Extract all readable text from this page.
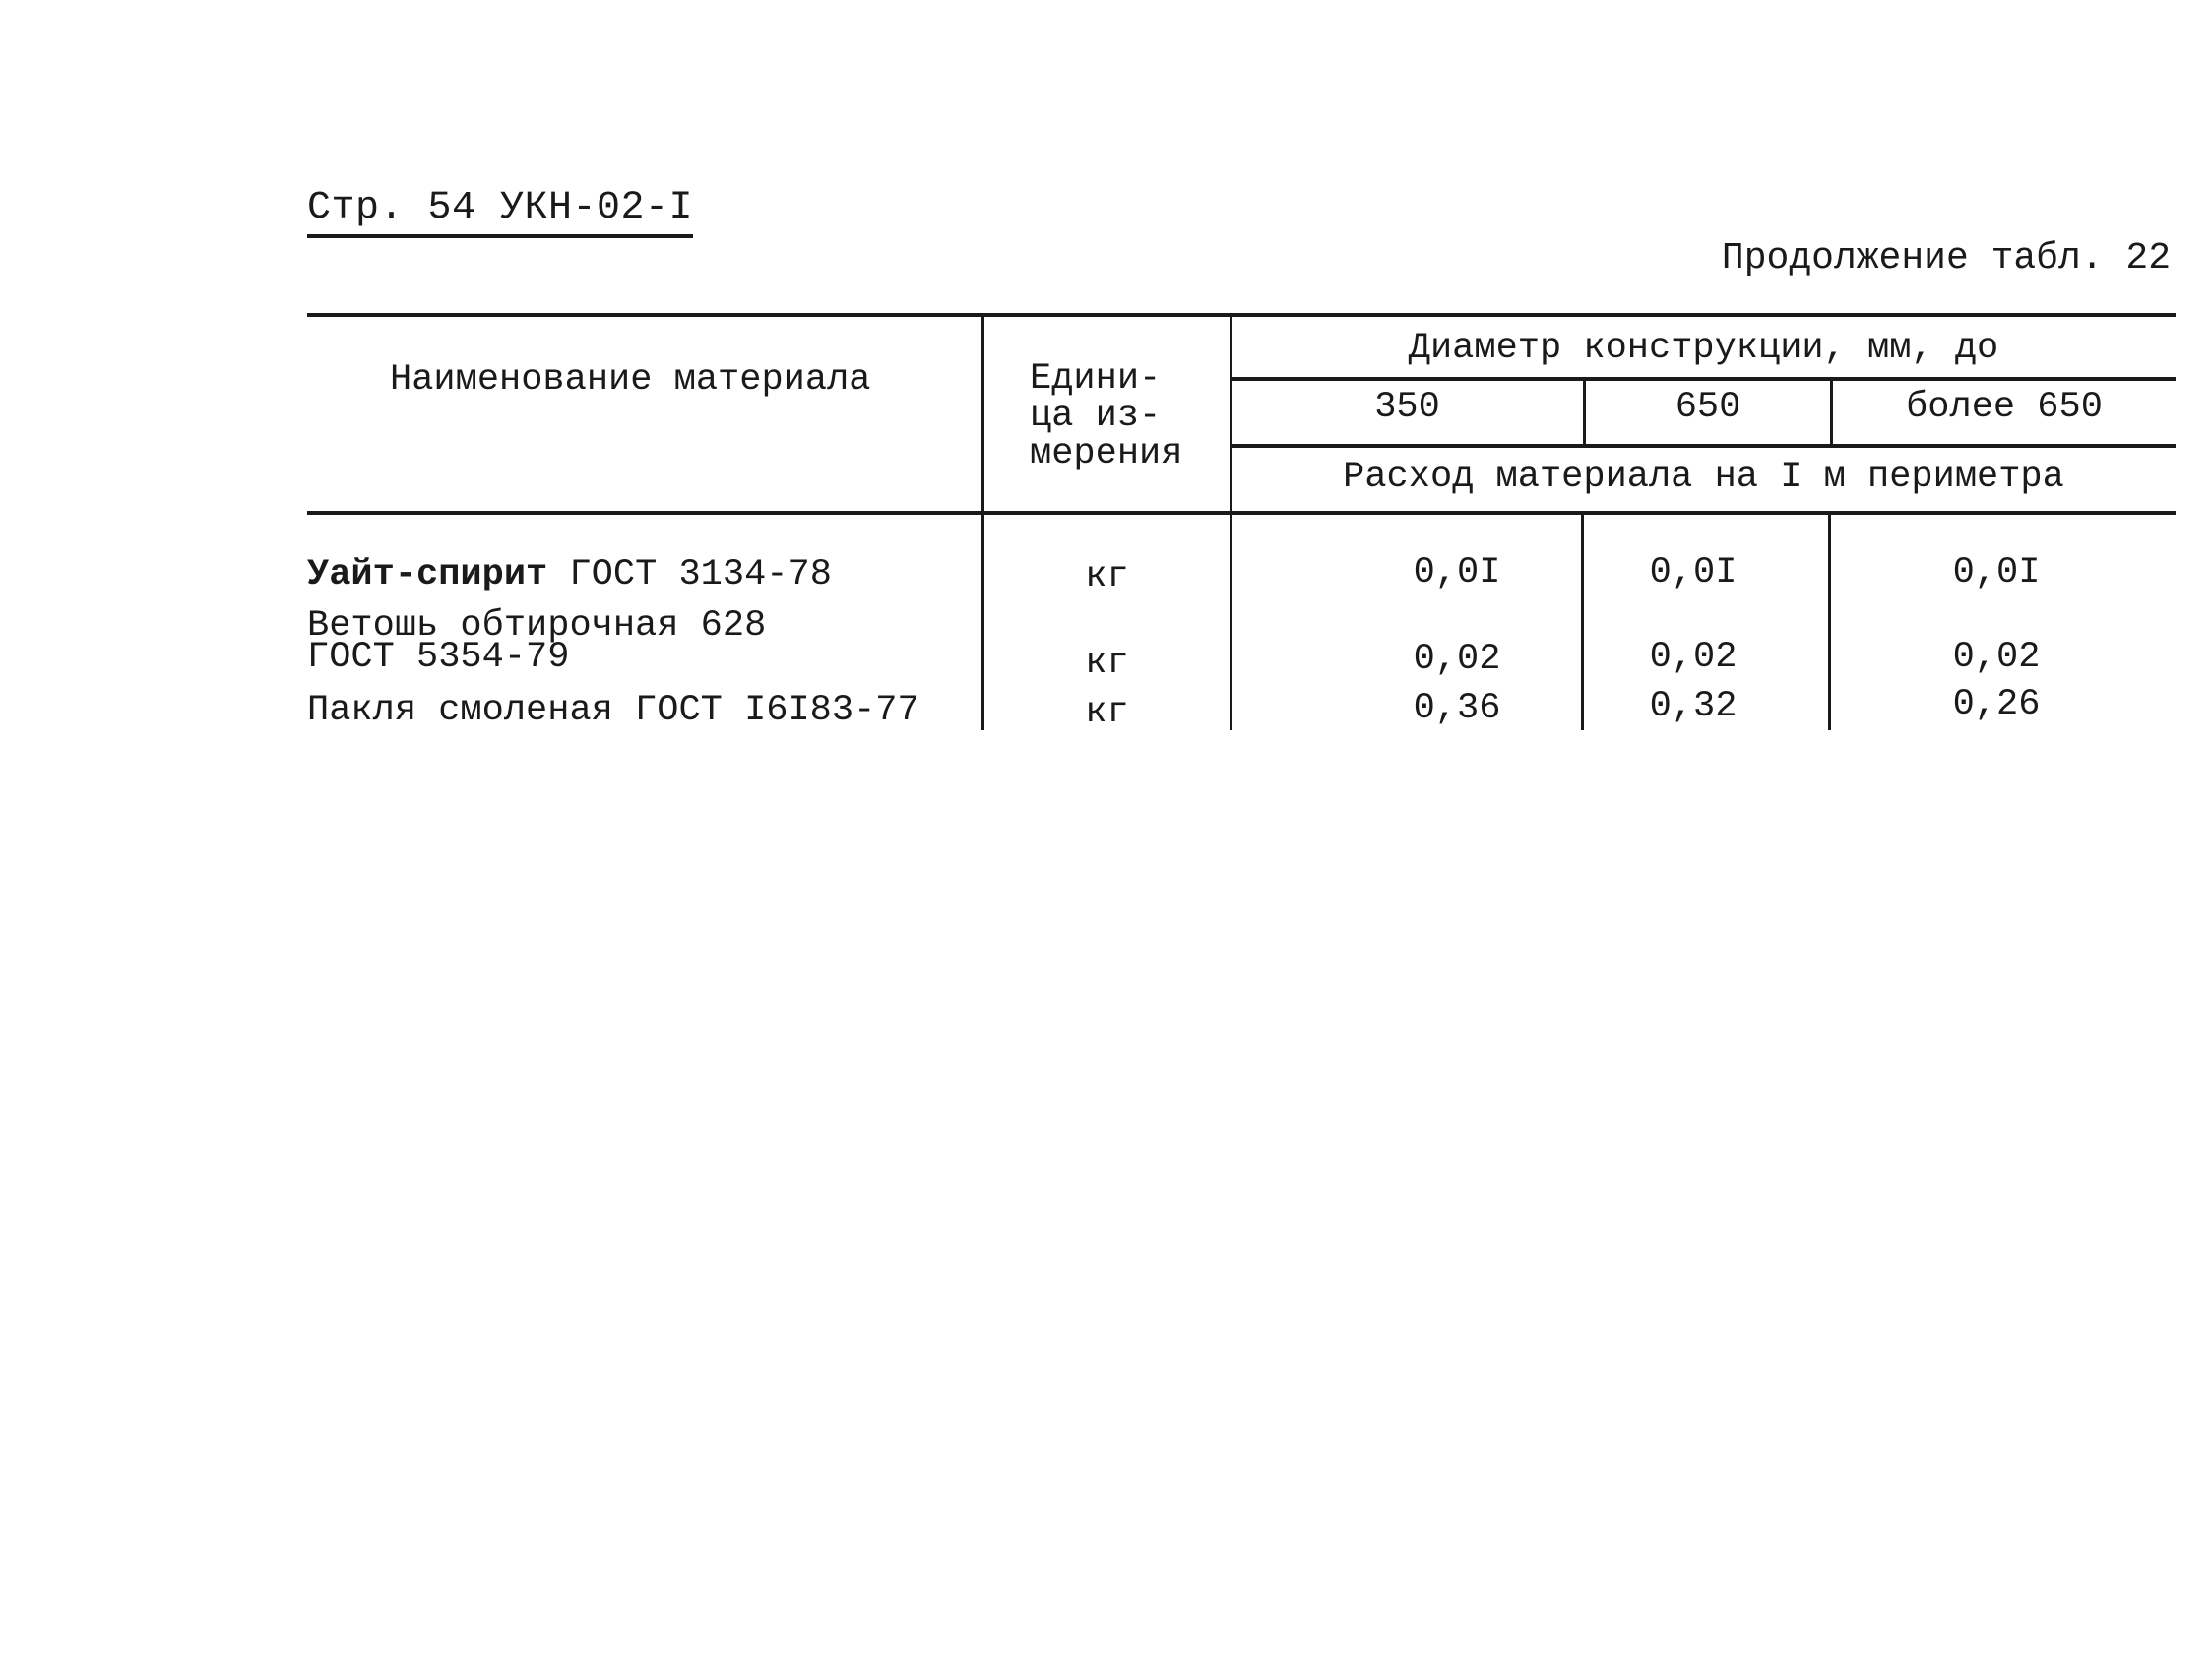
Стр. 54 УКН-02-I
Продолжение табл. 22
Наименование материала	Едини-
ца из-
мерения
Диаметр конструкции, мм, до
350	650	более 650
Расход материала на I м периметра
Уайт-спирит ГОСТ 3134-78	кг	0,0I	0,0I	0,0I
Ветошь обтирочная 628
ГОСТ 5354-79	кг	0,02	0,02	0,02
Пакля смоленая ГОСТ I6I83-77	кг	0,36	0,32	0,26
